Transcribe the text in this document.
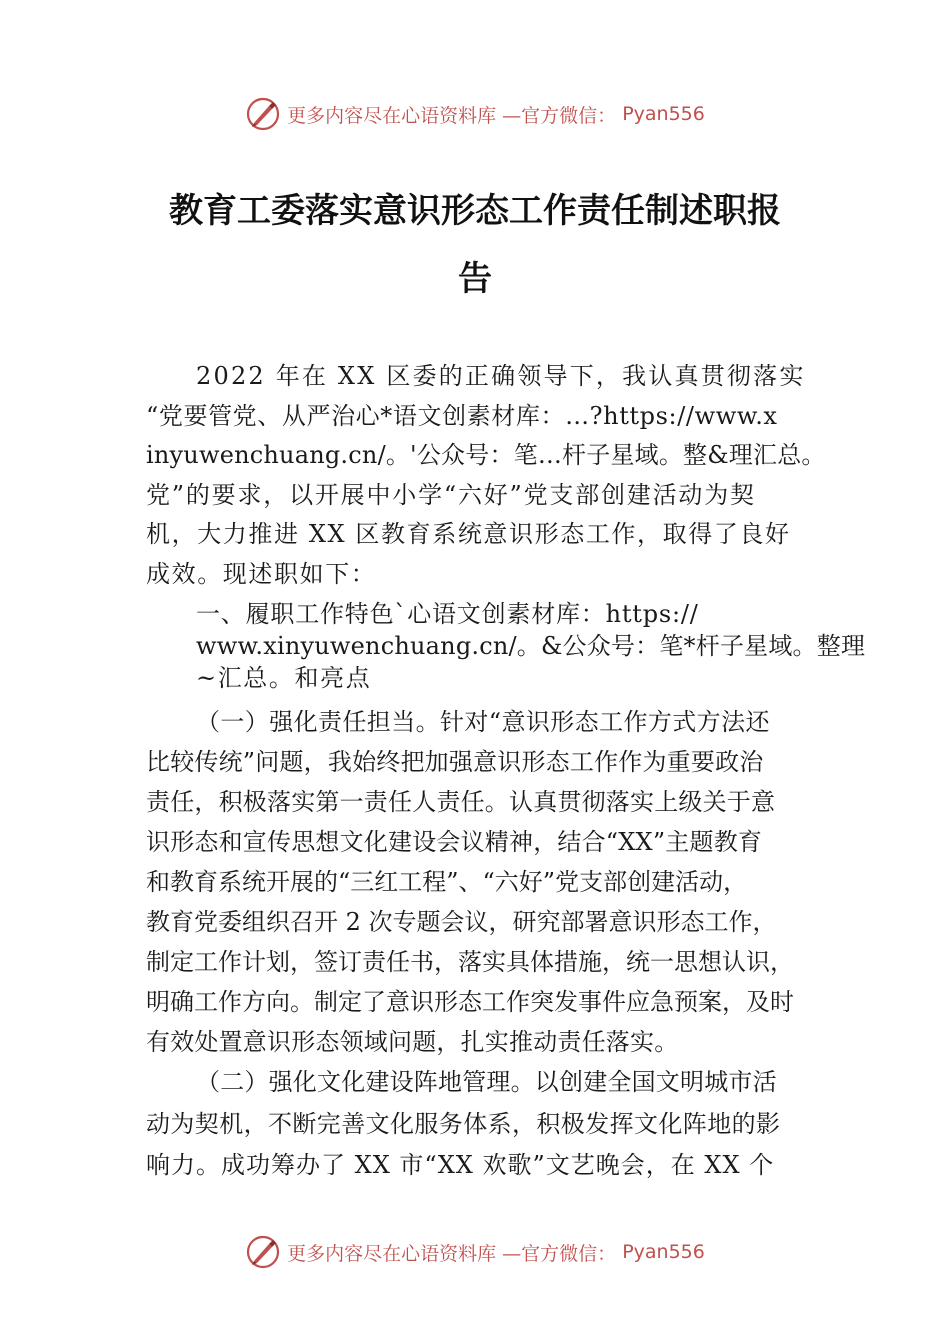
更多内容尽在心语资料库 —官方微信： Pyan556
教育工委落实意识形态工作责任制述职报
告
2022 年在 XX 区委的正确领导下，我认真贯彻落实
“党要管党、从严治心*语文创素材库：…?https://www.x
inyuwenchuang.cn/。'公众号：笔…杆子星域。整&理汇总。
党”的要求，以开展中小学“六好”党支部创建活动为契
机，大力推进 XX 区教育系统意识形态工作，取得了良好
成效。现述职如下：
一、履职工作特色`心语文创素材库：https://
www.xinyuwenchuang.cn/。&公众号：笔*杆子星域。整理
~汇总。和亮点
（一）强化责任担当。针对“意识形态工作方式方法还
比较传统”问题，我始终把加强意识形态工作作为重要政治
责任，积极落实第一责任人责任。认真贯彻落实上级关于意
识形态和宣传思想文化建设会议精神，结合“XX”主题教育
和教育系统开展的“三红工程”、“六好”党支部创建活动，
教育党委组织召开 2 次专题会议，研究部署意识形态工作，
制定工作计划，签订责任书，落实具体措施，统一思想认识，
明确工作方向。制定了意识形态工作突发事件应急预案，及时
有效处置意识形态领域问题，扎实推动责任落实。
（二）强化文化建设阵地管理。以创建全国文明城市活
动为契机，不断完善文化服务体系，积极发挥文化阵地的影
响力。成功筹办了 XX 市“XX 欢歌”文艺晚会，在 XX 个
更多内容尽在心语资料库 —官方微信： Pyan556
